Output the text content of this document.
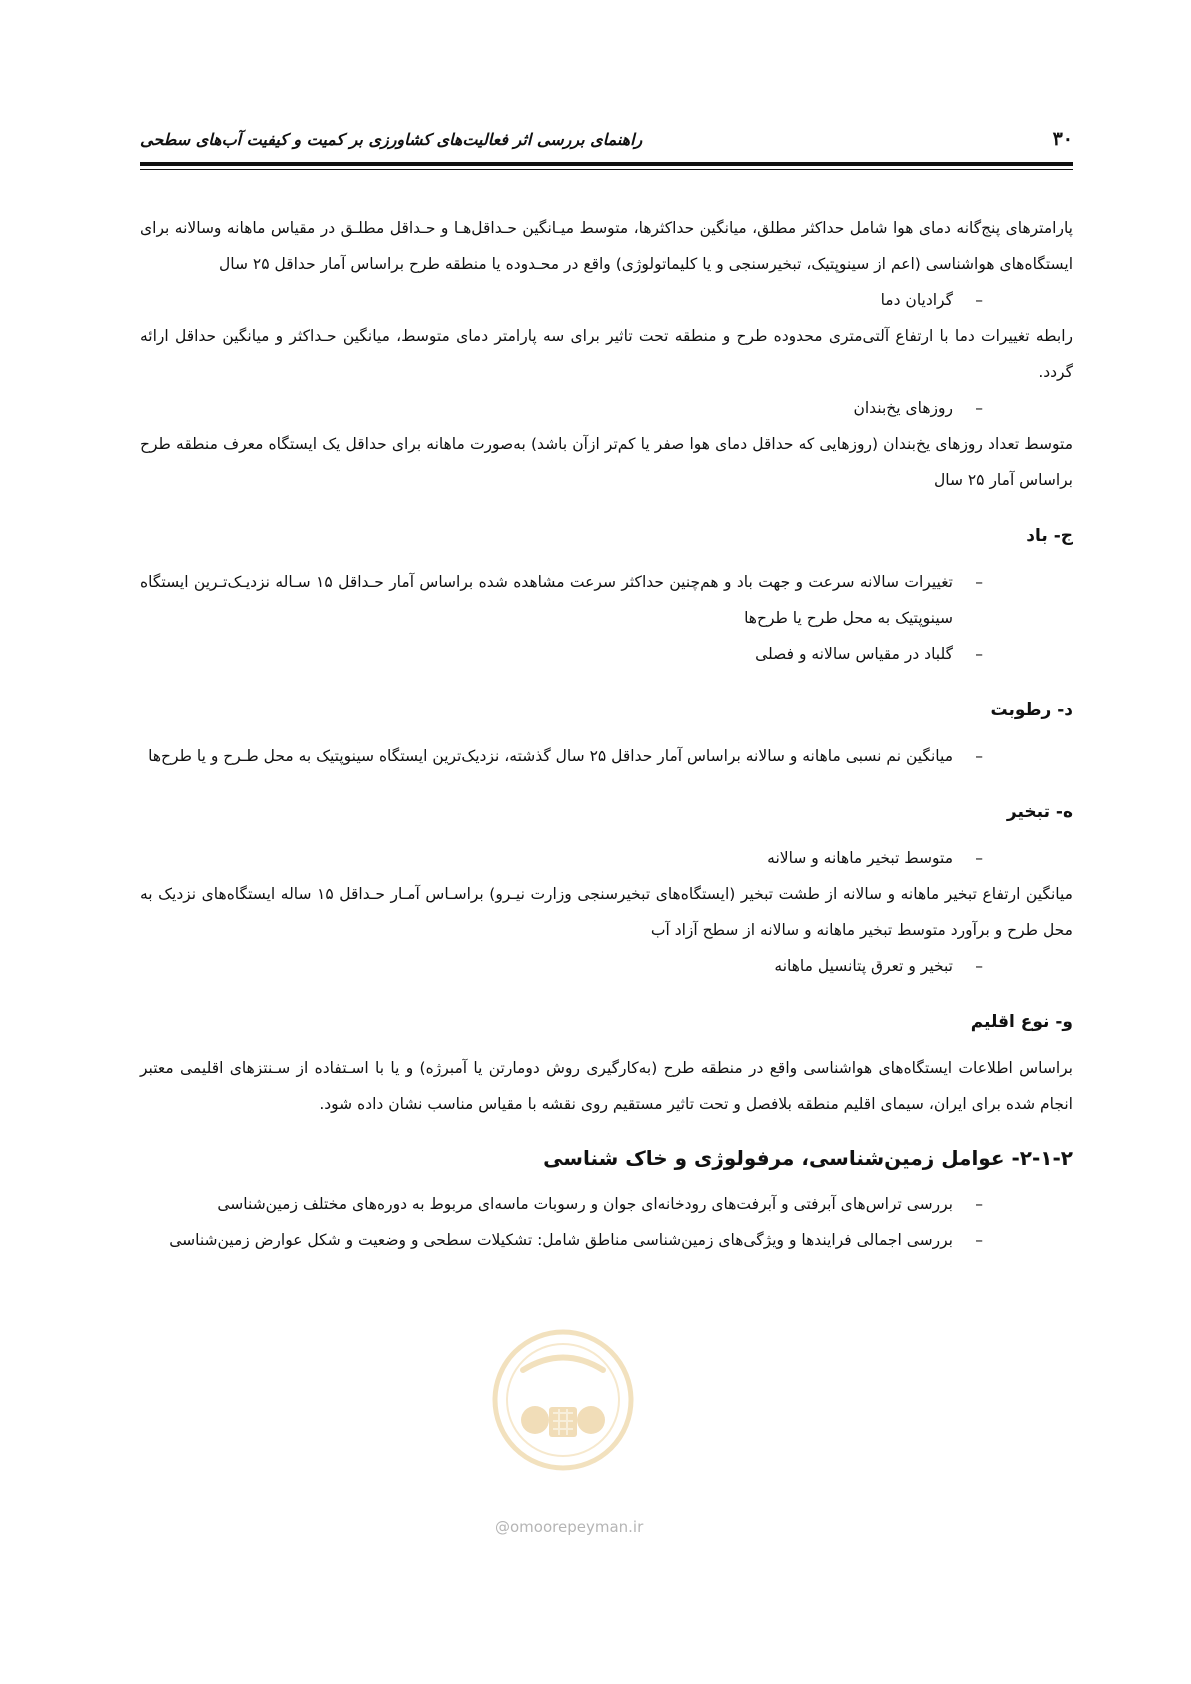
راهنمای بررسی اثر فعالیت‌های کشاورزی بر کمیت و کیفیت آب‌های سطحی	۳۰

پارامترهای پنج‌گانه دمای هوا شامل حداکثر مطلق، میانگین حداکثرها، متوسط میـانگین حـداقل‌هـا و حـداقل مطلـق در مقیاس ماهانه وسالانه برای ایستگاه‌های هواشناسی (اعم از سینوپتیک، تبخیرسنجی و یا کلیماتولوژی) واقع در محـدوده یا منطقه طرح براساس آمار حداقل ۲۵ سال

–
گرادیان دما

رابطه تغییرات دما با ارتفاع آلتی‌متری محدوده طرح و منطقه تحت تاثیر برای سه پارامتر دمای متوسط، میانگین حـداکثر و میانگین حداقل ارائه گردد.

–
روزهای یخ‌بندان

متوسط تعداد روزهای یخ‌بندان (روزهایی که حداقل دمای هوا صفر یا کم‌تر ازآن باشد) به‌صورت ماهانه برای حداقل یک ایستگاه معرف منطقه طرح براساس آمار ۲۵ سال

ج- باد
–
تغییرات سالانه سرعت و جهت باد و هم‌چنین حداکثر سرعت مشاهده شده براساس آمار حـداقل ۱۵ سـاله نزدیـک‌تـرین ایستگاه سینوپتیک به محل طرح یا طرح‌ها
–
گلباد در مقیاس سالانه و فصلی
د- رطوبت
–
میانگین نم نسبی ماهانه و سالانه براساس آمار حداقل ۲۵ سال گذشته، نزدیک‌ترین ایستگاه سینوپتیک به محل طـرح و یا طرح‌ها
ه- تبخیر
–
متوسط تبخیر ماهانه و سالانه

میانگین ارتفاع تبخیر ماهانه و سالانه از طشت تبخیر (ایستگاه‌های تبخیرسنجی وزارت نیـرو) براسـاس آمـار حـداقل ۱۵ ساله ایستگاه‌های نزدیک به محل طرح و برآورد متوسط تبخیر ماهانه و سالانه از سطح آزاد آب

–
تبخیر و تعرق پتانسیل ماهانه
و- نوع اقلیم

براساس اطلاعات ایستگاه‌های هواشناسی واقع در منطقه طرح (به‌کارگیری روش دومارتن یا آمبرژه) و یا با اسـتفاده از سـنتزهای اقلیمی معتبر انجام شده برای ایران، سیمای اقلیم منطقه بلافصل و تحت تاثیر مستقیم روی نقشه با مقیاس مناسب نشان داده شود.

۲-۱-۲- عوامل زمین‌شناسی، مرفولوژی و خاک شناسی
–
بررسی تراس‌های آبرفتی و آبرفت‌های رودخانه‌ای جوان و رسوبات ماسه‌ای مربوط به دوره‌های مختلف زمین‌شناسی
–
بررسی اجمالی فرایندها و ویژگی‌های زمین‌شناسی مناطق شامل: تشکیلات سطحی و وضعیت و شکل عوارض زمین‌شناسی
@omoorepeyman.ir
